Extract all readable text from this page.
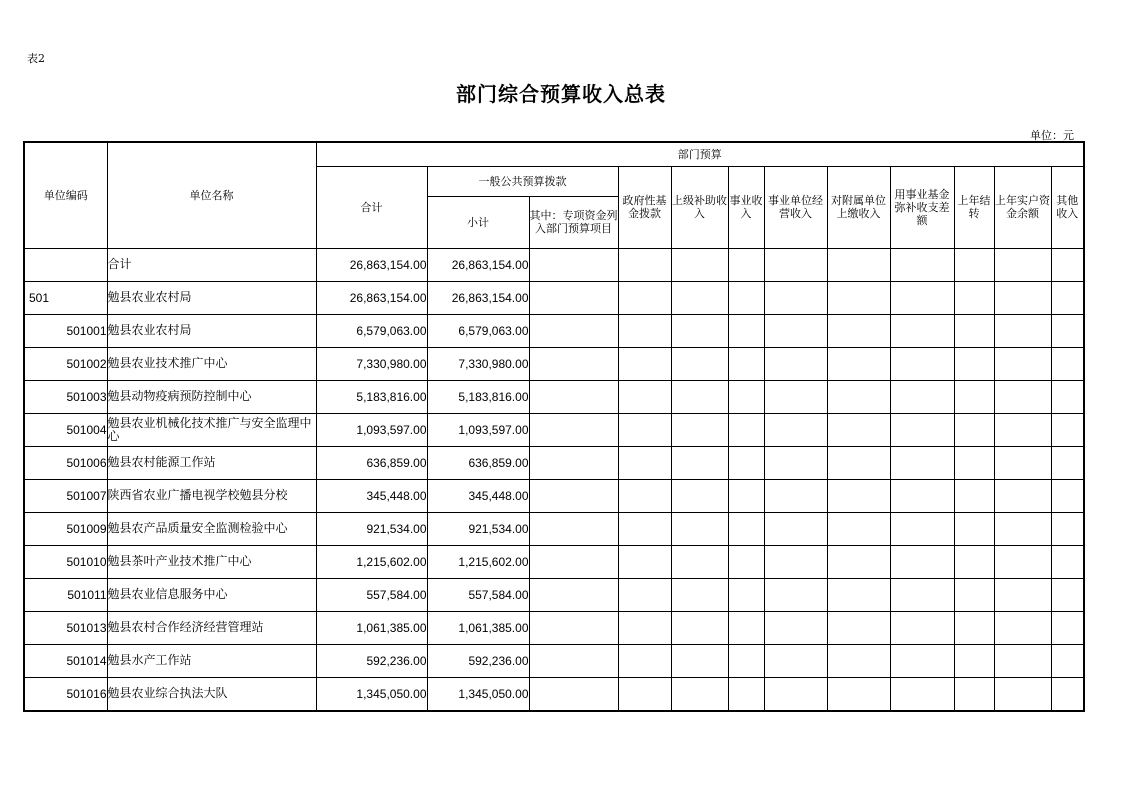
表2
部门综合预算收入总表
单位：元
单位编码	单位名称	部门预算											
		合计	一般公共预算拨款		政府性基金拨款	上级补助收入	事业收入	事业单位经营收入	对附属单位上缴收入	用事业基金弥补收支差额	上年结转	上年实户资金余额	其他收入
			小计	其中：专项资金列入部门预算项目									
	合计	26,863,154.00	26,863,154.00										
501	勉县农业农村局	26,863,154.00	26,863,154.00										
501001	勉县农业农村局	6,579,063.00	6,579,063.00										
501002	勉县农业技术推广中心	7,330,980.00	7,330,980.00										
501003	勉县动物疫病预防控制中心	5,183,816.00	5,183,816.00										
501004	勉县农业机械化技术推广与安全监理中心	1,093,597.00	1,093,597.00										
501006	勉县农村能源工作站	636,859.00	636,859.00										
501007	陕西省农业广播电视学校勉县分校	345,448.00	345,448.00										
501009	勉县农产品质量安全监测检验中心	921,534.00	921,534.00										
501010	勉县茶叶产业技术推广中心	1,215,602.00	1,215,602.00										
501011	勉县农业信息服务中心	557,584.00	557,584.00										
501013	勉县农村合作经济经营管理站	1,061,385.00	1,061,385.00										
501014	勉县水产工作站	592,236.00	592,236.00										
501016	勉县农业综合执法大队	1,345,050.00	1,345,050.00										
